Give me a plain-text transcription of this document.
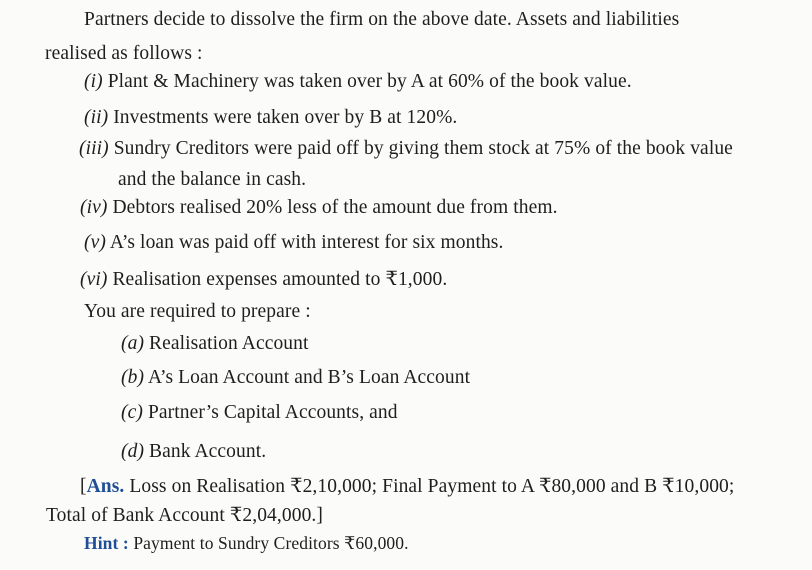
Partners decide to dissolve the firm on the above date. Assets and liabilities
realised as follows :
(i) Plant & Machinery was taken over by A at 60% of the book value.
(ii) Investments were taken over by B at 120%.
(iii) Sundry Creditors were paid off by giving them stock at 75% of the book value
and the balance in cash.
(iv) Debtors realised 20% less of the amount due from them.
(v) A’s loan was paid off with interest for six months.
(vi) Realisation expenses amounted to ₹1,000.
You are required to prepare :
(a) Realisation Account
(b) A’s Loan Account and B’s Loan Account
(c) Partner’s Capital Accounts, and
(d) Bank Account.
[Ans. Loss on Realisation ₹2,10,000; Final Payment to A ₹80,000 and B ₹10,000;
Total of Bank Account ₹2,04,000.]
Hint : Payment to Sundry Creditors ₹60,000.
